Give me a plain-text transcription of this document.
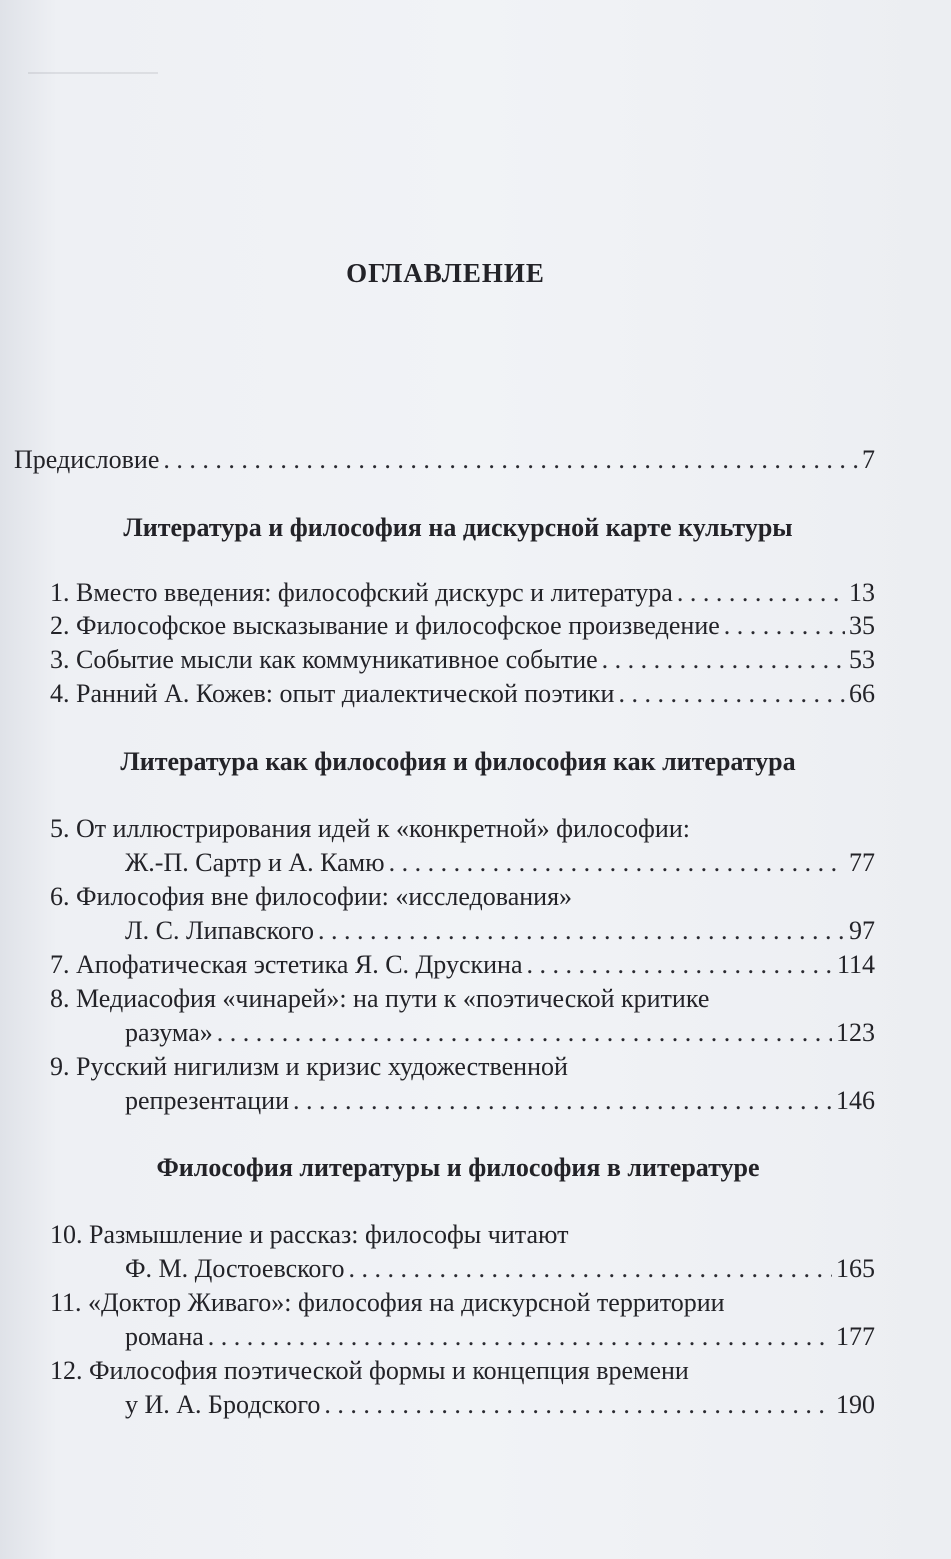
ОГЛАВЛЕНИЕ
Предисловие . . .	7
Литература и философия на дискурсной карте культуры
1. Вместо введения: философский дискурс и литература . . .	13
2. Философское высказывание и философское произведение . . .	35
3. Событие мысли как коммуникативное событие . . .	53
4. Ранний А. Кожев: опыт диалектической поэтики . . .	66
Литература как философия и философия как литература
5. От иллюстрирования идей к «конкретной» философии:
Ж.-П. Сартр и А. Камю . . .	77
6. Философия вне философии: «исследования»
Л. С. Липавского . . .	97
7. Апофатическая эстетика Я. С. Друскина . . .	114
8. Медиасофия «чинарей»: на пути к «поэтической критике
разума» . . .	123
9. Русский нигилизм и кризис художественной
репрезентации . . .	146
Философия литературы и философия в литературе
10. Размышление и рассказ: философы читают
Ф. М. Достоевского . . .	165
11. «Доктор Живаго»: философия на дискурсной территории
романа . . .	177
12. Философия поэтической формы и концепция времени
у И. А. Бродского . . .	190
